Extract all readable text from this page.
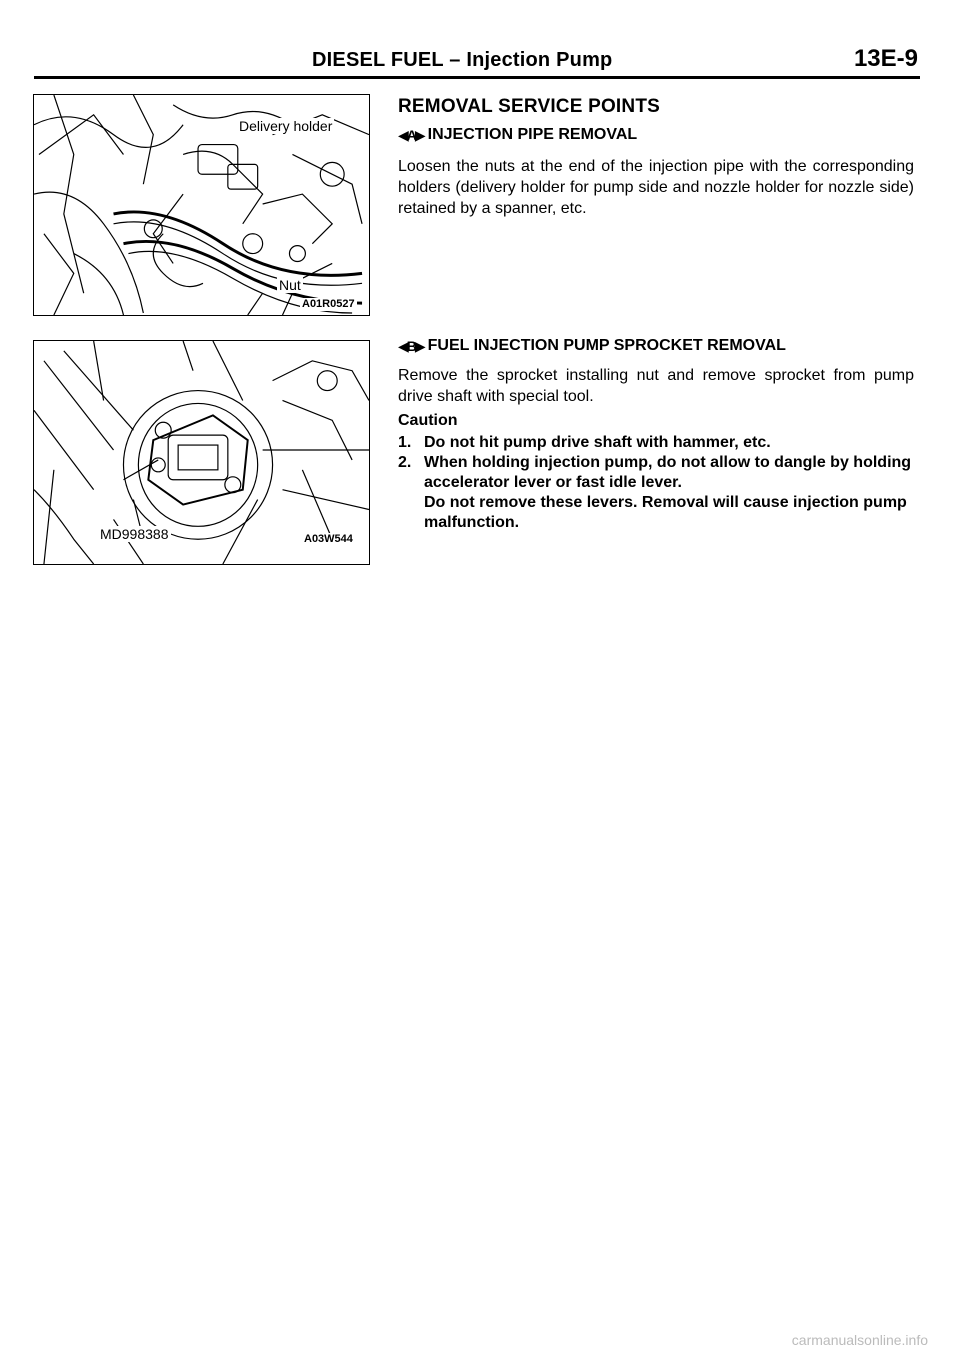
DIESEL FUEL – Injection Pump	13E-9
Delivery holder
Nut
A01R0527
MD998388	A03W544
REMOVAL SERVICE POINTS
◀A▶ INJECTION PIPE REMOVAL
Loosen the nuts at the end of the injection pipe with the corresponding holders (delivery holder for pump side and nozzle holder for nozzle side) retained by a spanner, etc.
◀B▶ FUEL INJECTION PUMP SPROCKET REMOVAL
Remove the sprocket installing nut and remove sprocket from pump drive shaft with special tool.
Caution
1. Do not hit pump drive shaft with hammer, etc.
2. When holding injection pump, do not allow to dangle by holding accelerator lever or fast idle lever.
Do not remove these levers. Removal will cause injection pump malfunction.
carmanualsonline.info
